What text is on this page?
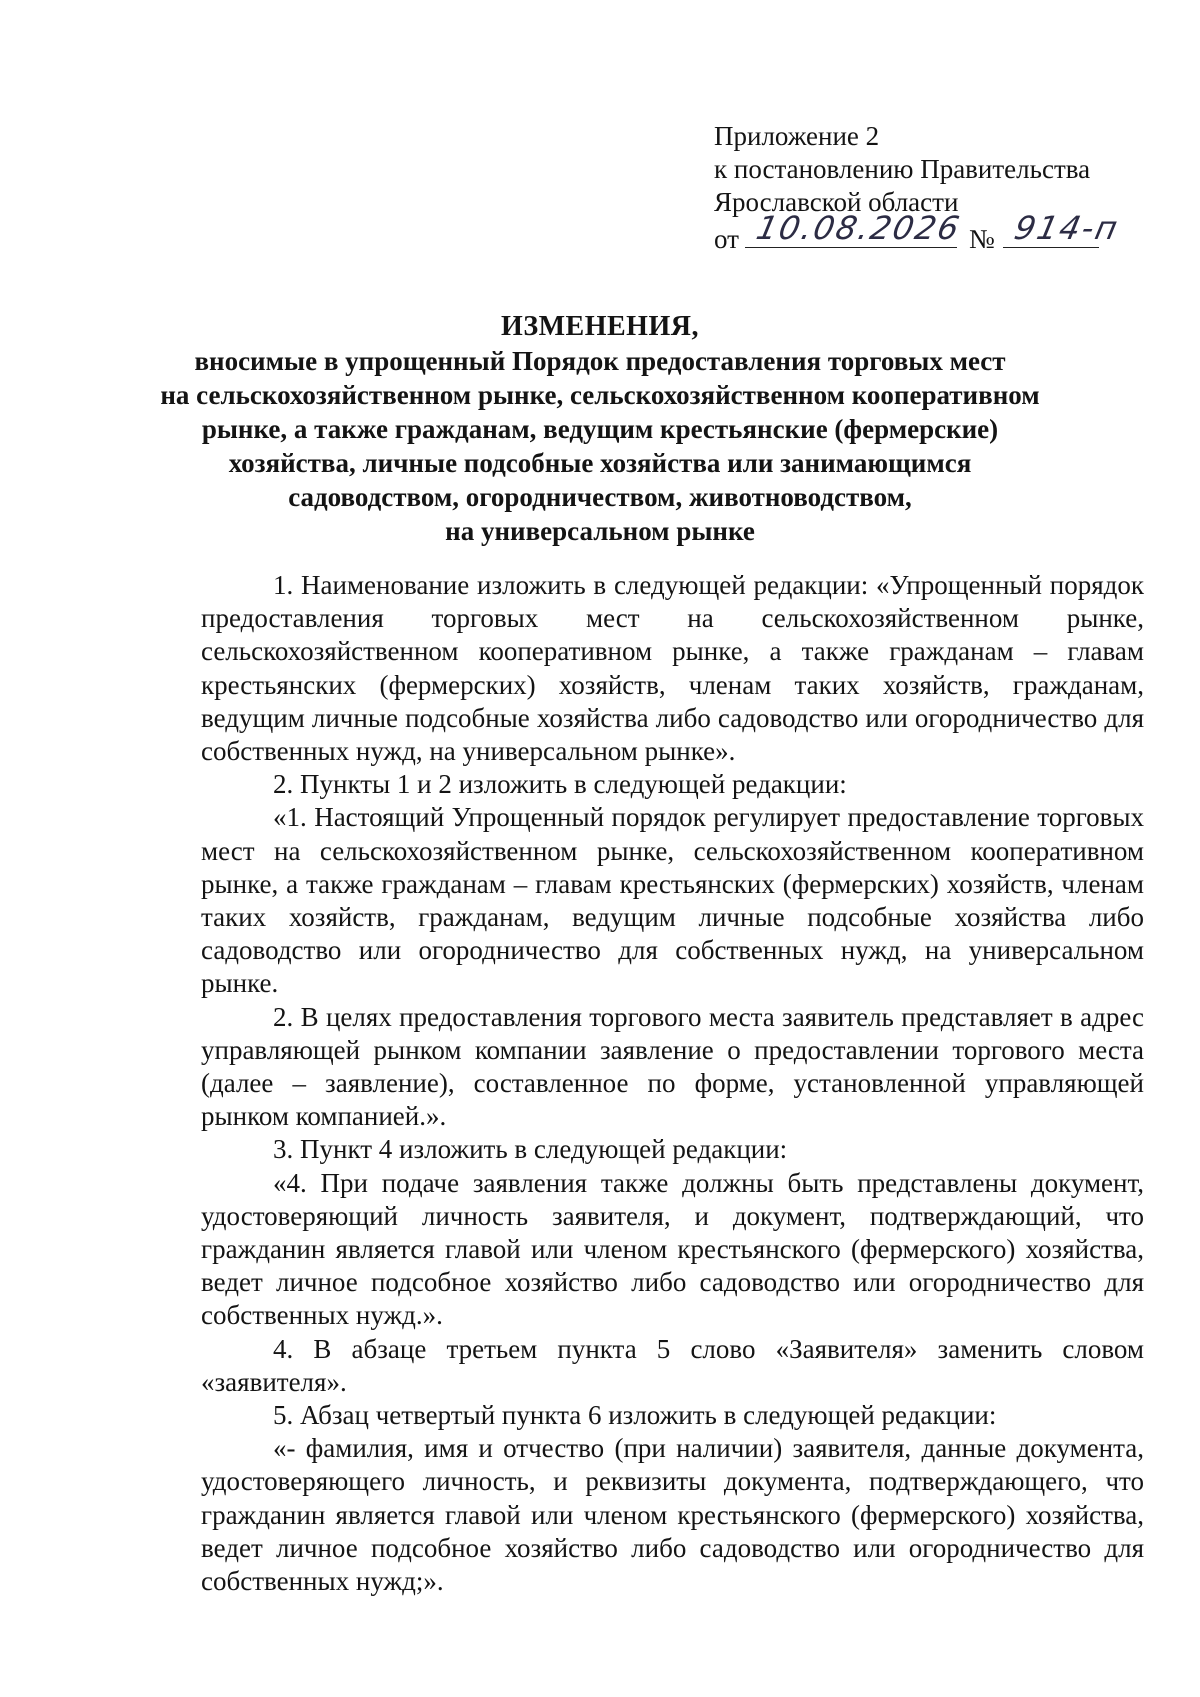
Приложение 2
к постановлению Правительства
Ярославской области
от 10.08.2026 № 914-п
ИЗМЕНЕНИЯ,
вносимые в упрощенный Порядок предоставления торговых мест
на сельскохозяйственном рынке, сельскохозяйственном кооперативном
рынке, а также гражданам, ведущим крестьянские (фермерские)
хозяйства, личные подсобные хозяйства или занимающимся
садоводством, огородничеством, животноводством,
на универсальном рынке

1. Наименование изложить в следующей редакции: «Упрощенный порядок предоставления торговых мест на сельскохозяйственном рынке, сельскохозяйственном кооперативном рынке, а также гражданам – главам крестьянских (фермерских) хозяйств, членам таких хозяйств, гражданам, ведущим личные подсобные хозяйства либо садоводство или огородничество для собственных нужд, на универсальном рынке».

2. Пункты 1 и 2 изложить в следующей редакции:

«1. Настоящий Упрощенный порядок регулирует предоставление торговых мест на сельскохозяйственном рынке, сельскохозяйственном кооперативном рынке, а также гражданам – главам крестьянских (фермерских) хозяйств, членам таких хозяйств, гражданам, ведущим личные подсобные хозяйства либо садоводство или огородничество для собственных нужд, на универсальном рынке.

2. В целях предоставления торгового места заявитель представляет в адрес управляющей рынком компании заявление о предоставлении торгового места (далее – заявление), составленное по форме, установленной управляющей рынком компанией.».

3. Пункт 4 изложить в следующей редакции:

«4. При подаче заявления также должны быть представлены документ, удостоверяющий личность заявителя, и документ, подтверждающий, что гражданин является главой или членом крестьянского (фермерского) хозяйства, ведет личное подсобное хозяйство либо садоводство или огородничество для собственных нужд.».

4. В абзаце третьем пункта 5 слово «Заявителя» заменить словом «заявителя».

5. Абзац четвертый пункта 6 изложить в следующей редакции:

«- фамилия, имя и отчество (при наличии) заявителя, данные документа, удостоверяющего личность, и реквизиты документа, подтверждающего, что гражданин является главой или членом крестьянского (фермерского) хозяйства, ведет личное подсобное хозяйство либо садоводство или огородничество для собственных нужд;».
